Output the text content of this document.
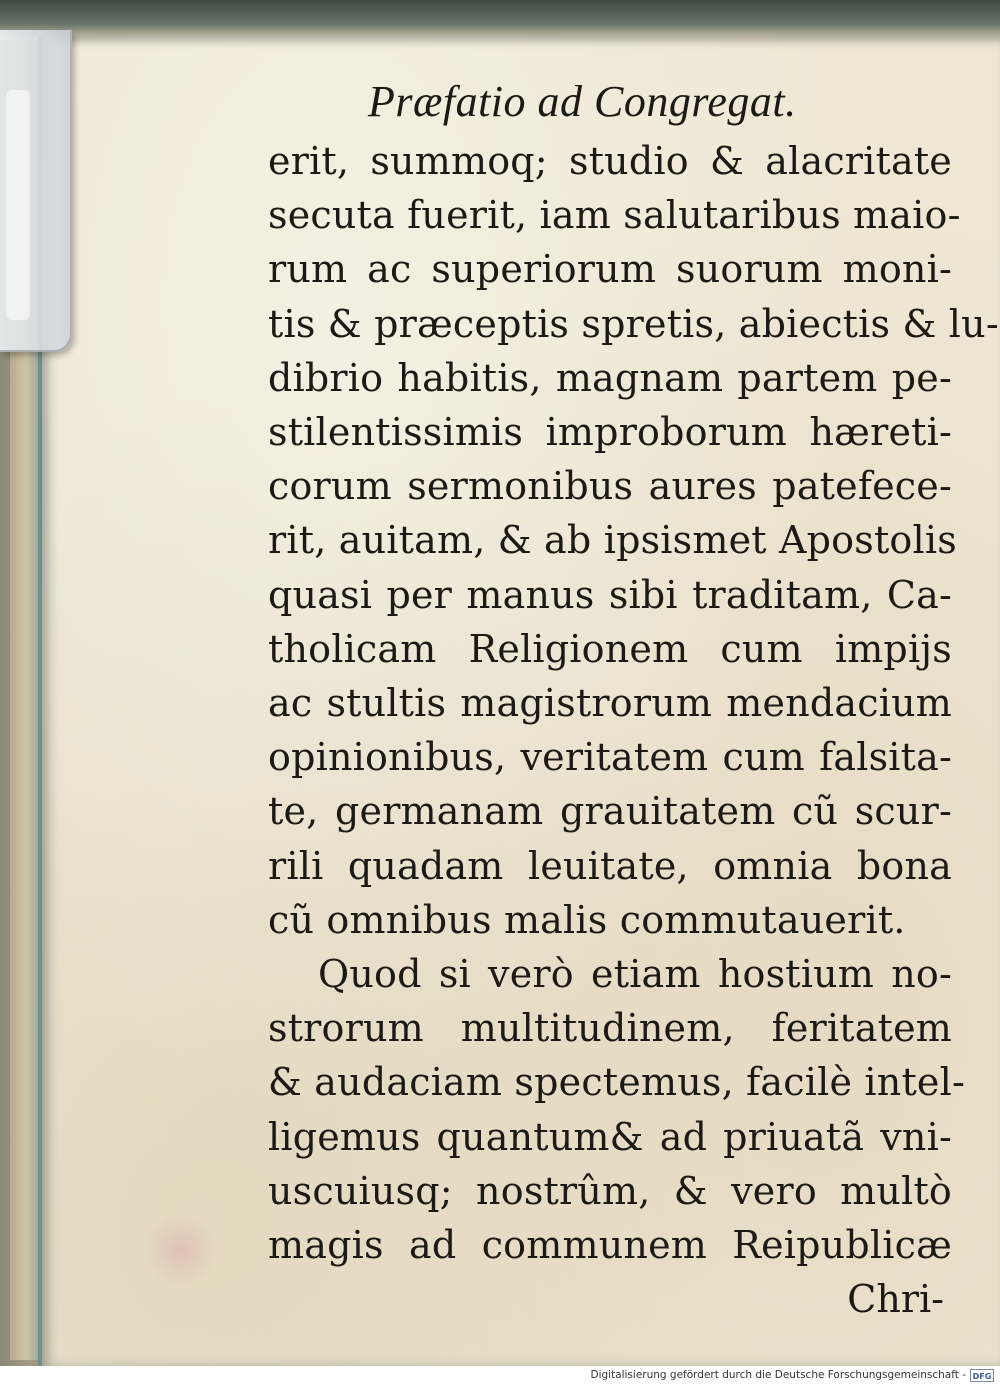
Præfatio ad Congregat.
erit, summoq; studio & alacritate
secuta fuerit, iam salutaribus maio-
rum ac superiorum suorum moni-
tis & præceptis spretis, abiectis & lu-
dibrio habitis, magnam partem pe-
stilentissimis improborum hæreti-
corum sermonibus aures patefece-
rit, auitam, & ab ipsismet Apostolis
quasi per manus sibi traditam, Ca-
tholicam Religionem cum impijs
ac stultis magistrorum mendacium
opinionibus, veritatem cum falsita-
te, germanam grauitatem cũ scur-
rili quadam leuitate, omnia bona
cũ omnibus malis commutauerit.
Quod si verò etiam hostium no-
strorum multitudinem, feritatem
& audaciam spectemus, facilè intel-
ligemus quantum& ad priuatã vni-
uscuiusq; nostrûm, & vero multò
magis ad communem Reipublicæ
Chri-
Digitalisierung gefördert durch die Deutsche Forschungsgemeinschaft - DFG
